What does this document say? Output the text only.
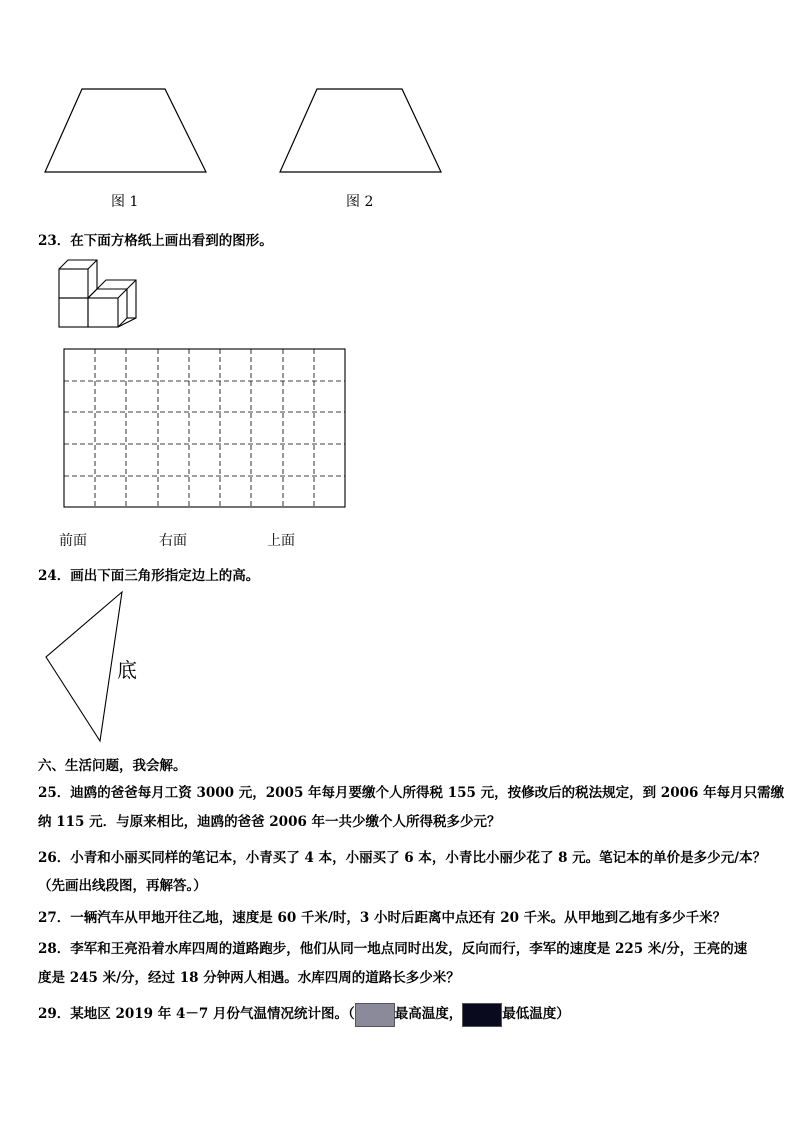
图 1	图 2
23．在下面方格纸上画出看到的图形。
前面	右面	上面
24．画出下面三角形指定边上的高。
底
六、生活问题，我会解。
25．迪鸥的爸爸每月工资 3000 元，2005 年每月要缴个人所得税 155 元，按修改后的税法规定，到 2006 年每月只需缴
纳 115 元．与原来相比，迪鸥的爸爸 2006 年一共少缴个人所得税多少元？
26．小青和小丽买同样的笔记本，小青买了 4 本，小丽买了 6 本，小青比小丽少花了 8 元。笔记本的单价是多少元/本？
（先画出线段图，再解答。）
27．一辆汽车从甲地开往乙地，速度是 60 千米/时，3 小时后距离中点还有 20 千米。从甲地到乙地有多少千米？
28．李军和王亮沿着水库四周的道路跑步，他们从同一地点同时出发，反向而行，李军的速度是 225 米/分，王亮的速
度是 245 米/分，经过 18 分钟两人相遇。水库四周的道路长多少米？
29．某地区 2019 年 4－7 月份气温情况统计图。（	最高温度，	最低温度）
